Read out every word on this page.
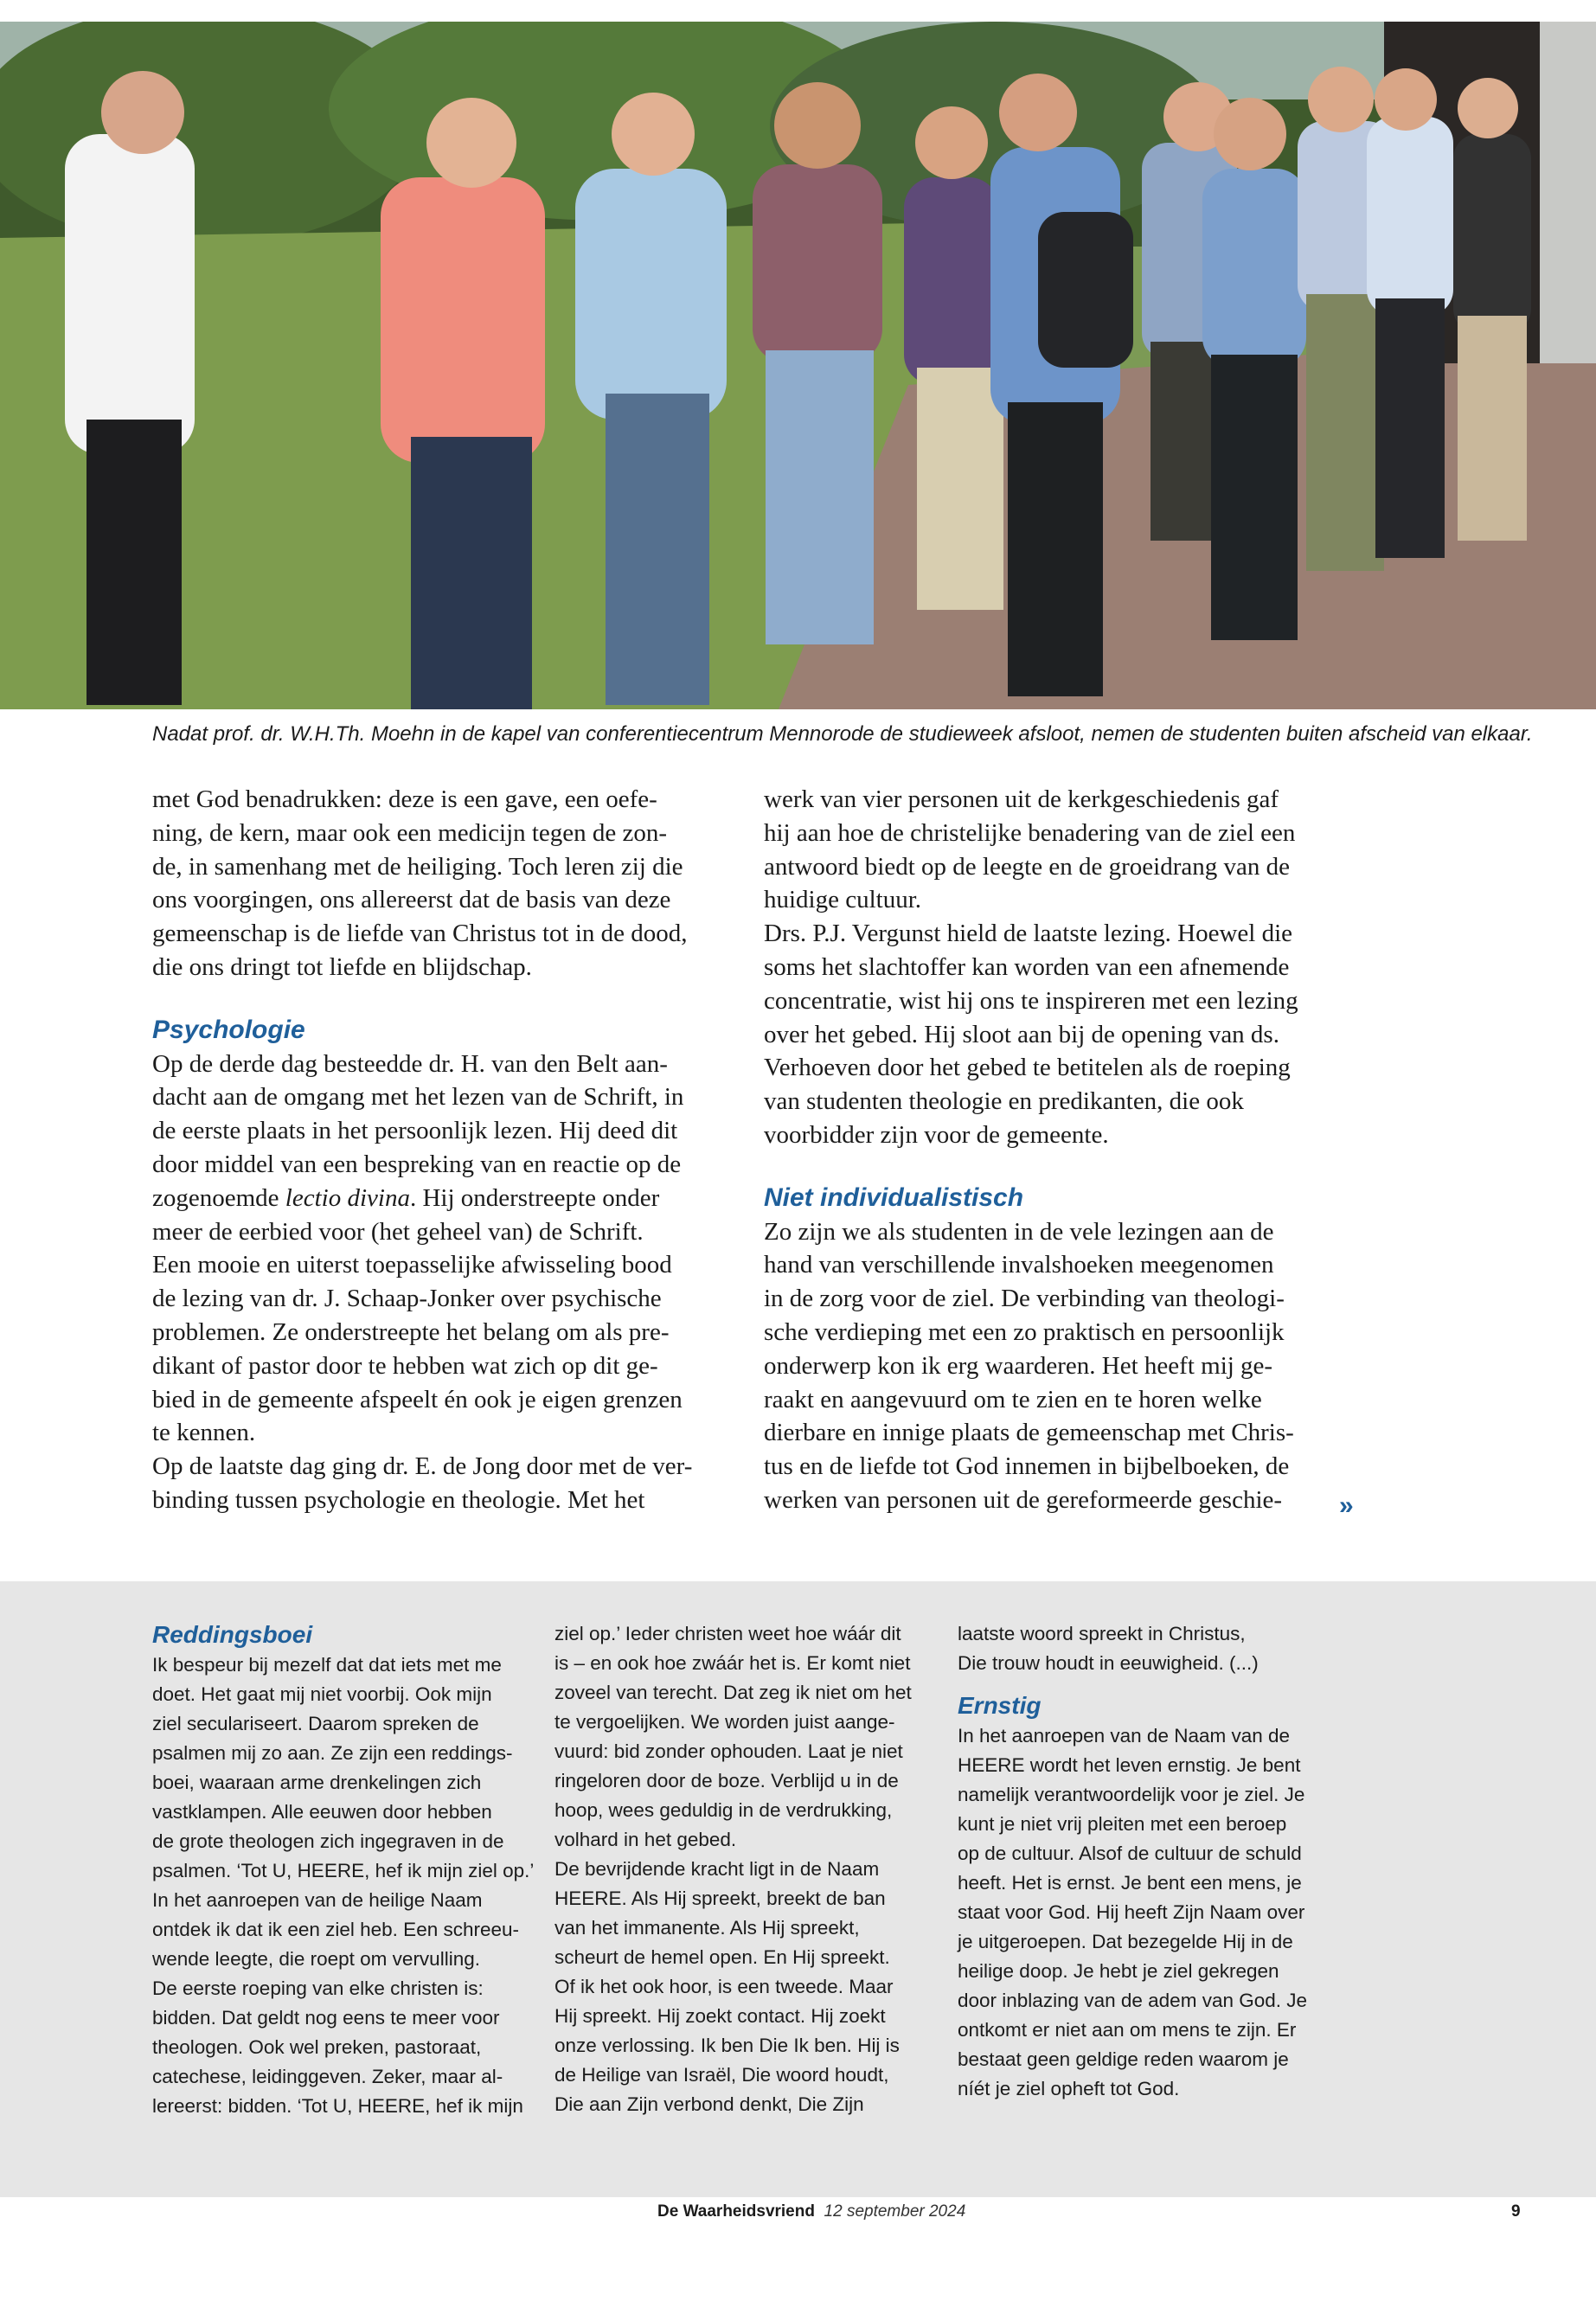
Nadat prof. dr. W.H.Th. Moehn in de kapel van conferentiecentrum Mennorode de studieweek afsloot, nemen de studenten buiten afscheid van elkaar.

met God benadrukken: deze is een gave, een oefe-
ning, de kern, maar ook een medicijn tegen de zon-
de, in samenhang met de heiliging. Toch leren zij die
ons voorgingen, ons allereerst dat de basis van deze
gemeenschap is de liefde van Christus tot in de dood,
die ons dringt tot liefde en blijdschap.

Psychologie

Op de derde dag besteedde dr. H. van den Belt aan-
dacht aan de omgang met het lezen van de Schrift, in
de eerste plaats in het persoonlijk lezen. Hij deed dit
door middel van een bespreking van en reactie op de
zogenoemde lectio divina. Hij onderstreepte onder
meer de eerbied voor (het geheel van) de Schrift.
Een mooie en uiterst toepasselijke afwisseling bood
de lezing van dr. J. Schaap-Jonker over psychische
problemen. Ze onderstreepte het belang om als pre-
dikant of pastor door te hebben wat zich op dit ge-
bied in de gemeente afspeelt én ook je eigen grenzen
te kennen.
Op de laatste dag ging dr. E. de Jong door met de ver-
binding tussen psychologie en theologie. Met het

werk van vier personen uit de kerkgeschiedenis gaf
hij aan hoe de christelijke benadering van de ziel een
antwoord biedt op de leegte en de groeidrang van de
huidige cultuur.
Drs. P.J. Vergunst hield de laatste lezing. Hoewel die
soms het slachtoffer kan worden van een afnemende
concentratie, wist hij ons te inspireren met een lezing
over het gebed. Hij sloot aan bij de opening van ds.
Verhoeven door het gebed te betitelen als de roeping
van studenten theologie en predikanten, die ook
voorbidder zijn voor de gemeente.

Niet individualistisch

Zo zijn we als studenten in de vele lezingen aan de
hand van verschillende invalshoeken meegenomen
in de zorg voor de ziel. De verbinding van theologi-
sche verdieping met een zo praktisch en persoonlijk
onderwerp kon ik erg waarderen. Het heeft mij ge-
raakt en aangevuurd om te zien en te horen welke
dierbare en innige plaats de gemeenschap met Chris-
tus en de liefde tot God innemen in bijbelboeken, de
werken van personen uit de gereformeerde geschie-	»
Reddingsboei
Ik bespeur bij mezelf dat dat iets met me
doet. Het gaat mij niet voorbij. Ook mijn
ziel seculariseert. Daarom spreken de
psalmen mij zo aan. Ze zijn een reddings-
boei, waaraan arme drenkelingen zich
vastklampen. Alle eeuwen door hebben
de grote theologen zich ingegraven in de
psalmen. ‘Tot U, HEERE, hef ik mijn ziel op.’
In het aanroepen van de heilige Naam
ontdek ik dat ik een ziel heb. Een schreeu-
wende leegte, die roept om vervulling.
De eerste roeping van elke christen is:
bidden. Dat geldt nog eens te meer voor
theologen. Ook wel preken, pastoraat,
catechese, leidinggeven. Zeker, maar al-
lereerst: bidden. ‘Tot U, HEERE, hef ik mijn
ziel op.’ Ieder christen weet hoe wáár dit
is – en ook hoe zwáár het is. Er komt niet
zoveel van terecht. Dat zeg ik niet om het
te vergoelijken. We worden juist aange-
vuurd: bid zonder ophouden. Laat je niet
ringeloren door de boze. Verblijd u in de
hoop, wees geduldig in de verdrukking,
volhard in het gebed.
De bevrijdende kracht ligt in de Naam
HEERE. Als Hij spreekt, breekt de ban
van het immanente. Als Hij spreekt,
scheurt de hemel open. En Hij spreekt.
Of ik het ook hoor, is een tweede. Maar
Hij spreekt. Hij zoekt contact. Hij zoekt
onze verlossing. Ik ben Die Ik ben. Hij is
de Heilige van Israël, Die woord houdt,
Die aan Zijn verbond denkt, Die Zijn
laatste woord spreekt in Christus,
Die trouw houdt in eeuwigheid. (...)
Ernstig
In het aanroepen van de Naam van de
HEERE wordt het leven ernstig. Je bent
namelijk verantwoordelijk voor je ziel. Je
kunt je niet vrij pleiten met een beroep
op de cultuur. Alsof de cultuur de schuld
heeft. Het is ernst. Je bent een mens, je
staat voor God. Hij heeft Zijn Naam over
je uitgeroepen. Dat bezegelde Hij in de
heilige doop. Je hebt je ziel gekregen
door inblazing van de adem van God. Je
ontkomt er niet aan om mens te zijn. Er
bestaat geen geldige reden waarom je
níét je ziel opheft tot God.
De Waarheidsvriend 12 september 2024	9
